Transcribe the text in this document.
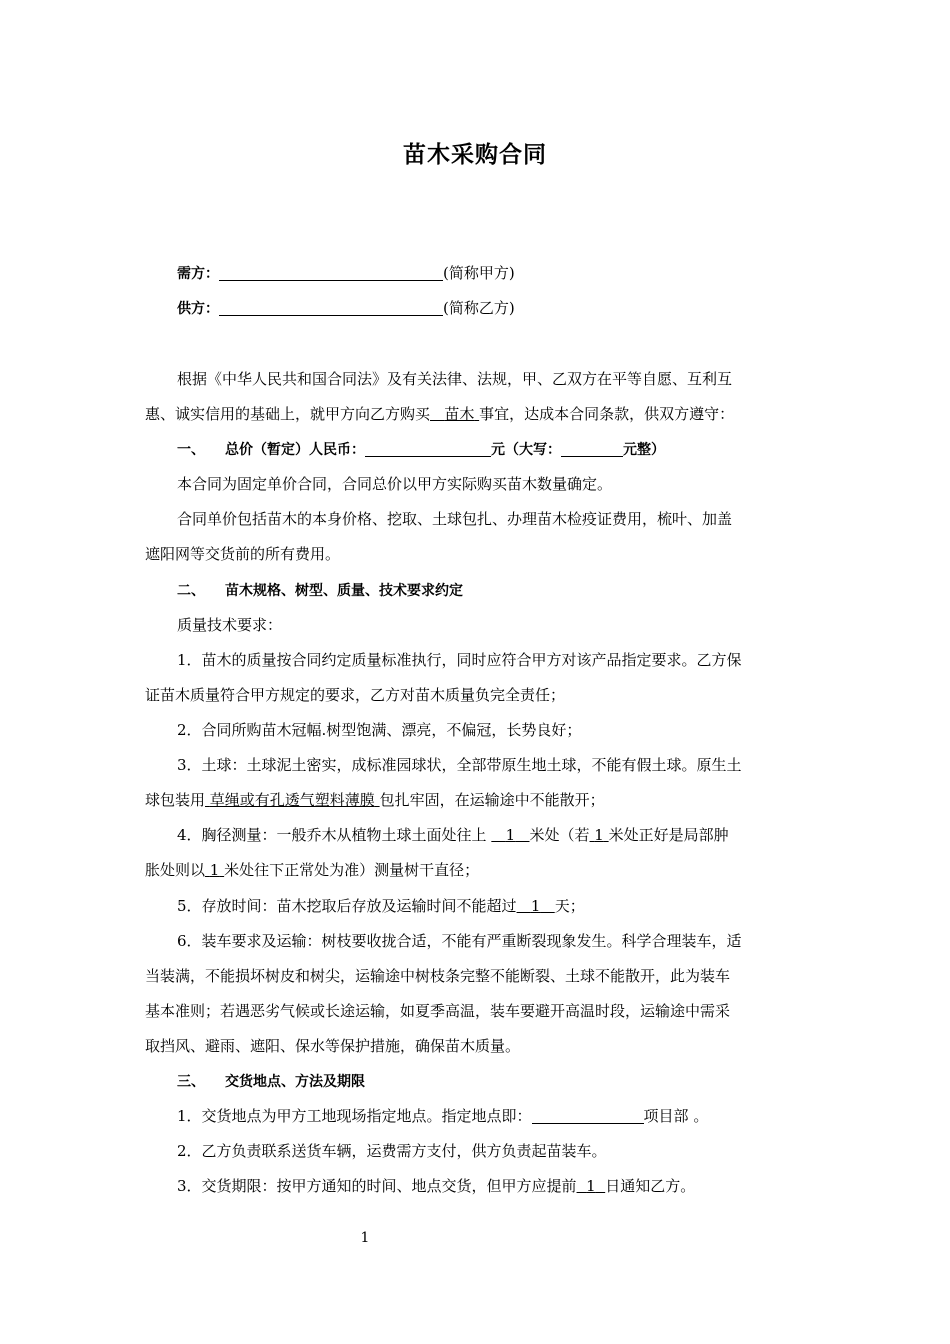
苗木采购合同
需方：	(简称甲方)
供方：	(简称乙方)
根据《中华人民共和国合同法》及有关法律、法规，甲、乙双方在平等自愿、互利互
惠、诚实信用的基础上，就甲方向乙方购买 苗木 事宜，达成本合同条款，供双方遵守：
一、 总价（暂定）人民币：	元（大写：	元整）
本合同为固定单价合同，合同总价以甲方实际购买苗木数量确定。
合同单价包括苗木的本身价格、挖取、土球包扎、办理苗木检疫证费用，梳叶、加盖
遮阳网等交货前的所有费用。
二、 苗木规格、树型、质量、技术要求约定
质量技术要求：
1．苗木的质量按合同约定质量标准执行，同时应符合甲方对该产品指定要求。乙方保
证苗木质量符合甲方规定的要求，乙方对苗木质量负完全责任；
2．合同所购苗木冠幅.树型饱满、漂亮，不偏冠，长势良好；
3．土球：土球泥土密实，成标准园球状，全部带原生地土球，不能有假土球。原生土
球包装用 草绳或有孔透气塑料薄膜 包扎牢固，在运输途中不能散开；
4．胸径测量：一般乔木从植物土球土面处往上 1 米处（若 1 米处正好是局部肿
胀处则以 1 米处往下正常处为准）测量树干直径；
5．存放时间：苗木挖取后存放及运输时间不能超过 1 天；
6．装车要求及运输：树枝要收拢合适，不能有严重断裂现象发生。科学合理装车，适
当装满，不能损坏树皮和树尖，运输途中树枝条完整不能断裂、土球不能散开，此为装车
基本准则；若遇恶劣气候或长途运输，如夏季高温，装车要避开高温时段，运输途中需采
取挡风、避雨、遮阳、保水等保护措施，确保苗木质量。
三、 交货地点、方法及期限
1．交货地点为甲方工地现场指定地点。指定地点即：	项目部 。
2．乙方负责联系送货车辆，运费需方支付，供方负责起苗装车。
3．交货期限：按甲方通知的时间、地点交货，但甲方应提前 1 日通知乙方。
1
